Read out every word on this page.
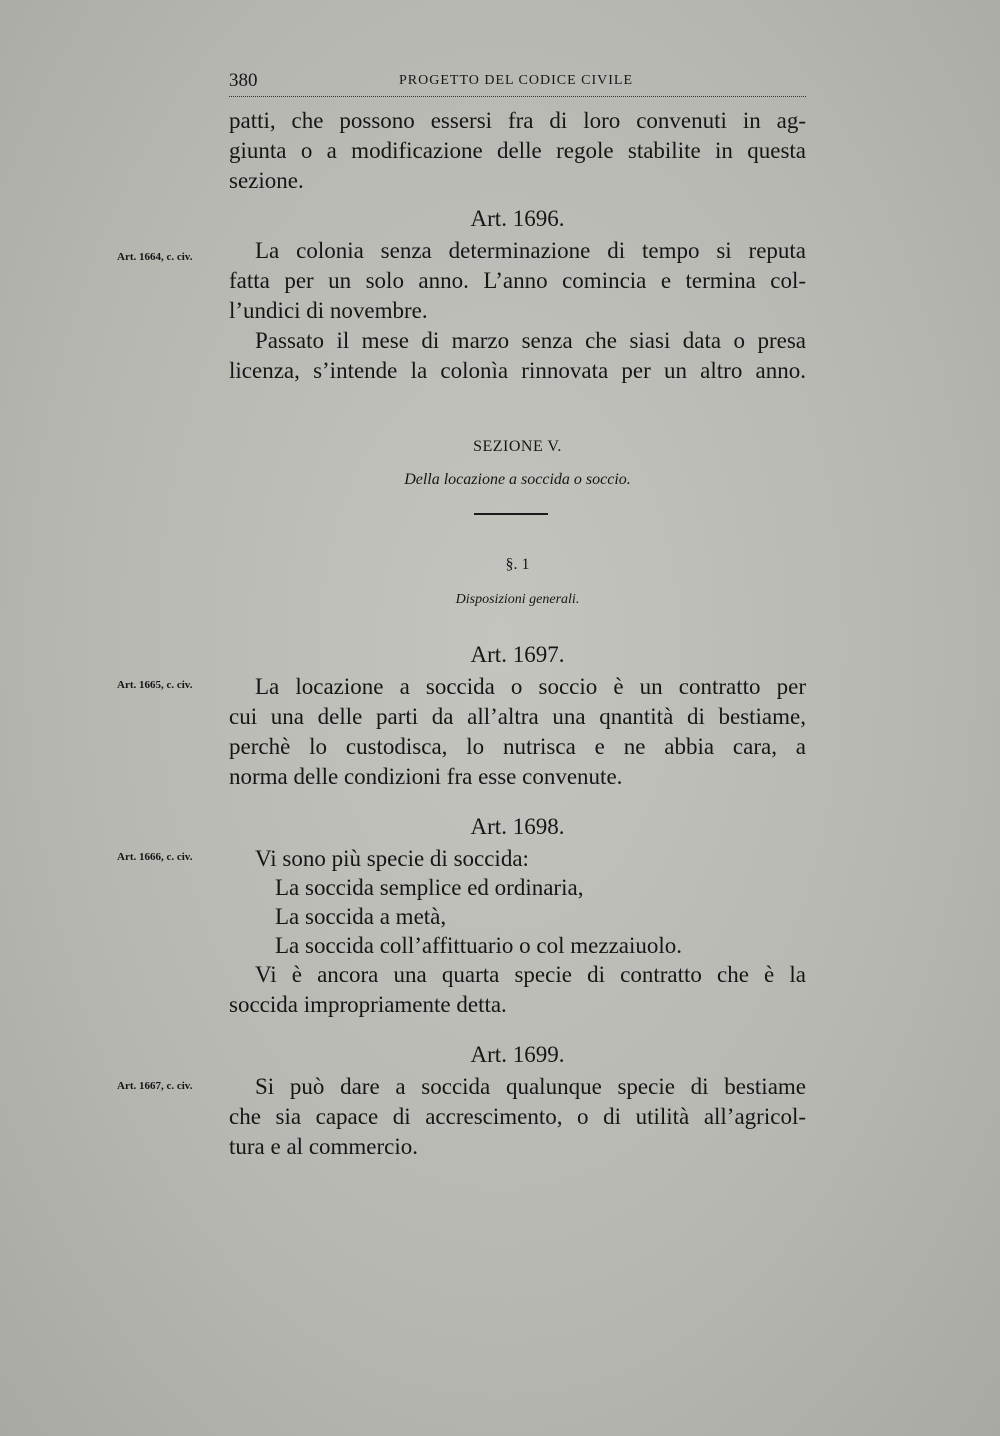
380	PROGETTO DEL CODICE CIVILE
patti, che possono essersi fra di loro convenuti in ag-
giunta o a modificazione delle regole stabilite in questa
sezione.
Art. 1696.
Art. 1664, c. civ.	La colonia senza determinazione di tempo si reputa
fatta per un solo anno. L’anno comincia e termina col-
l’undici di novembre.
Passato il mese di marzo senza che siasi data o presa
licenza, s’intende la colonìa rinnovata per un altro anno.
SEZIONE V.
Della locazione a soccida o soccio.
§. 1
Disposizioni generali.
Art. 1697.
Art. 1665, c. civ.	La locazione a soccida o soccio è un contratto per
cui una delle parti da all’altra una qnantità di bestiame,
perchè lo custodisca, lo nutrisca e ne abbia cara, a
norma delle condizioni fra esse convenute.
Art. 1698.
Art. 1666, c. civ.	Vi sono più specie di soccida:
La soccida semplice ed ordinaria,
La soccida a metà,
La soccida coll’affittuario o col mezzaiuolo.
Vi è ancora una quarta specie di contratto che è la
soccida impropriamente detta.
Art. 1699.
Art. 1667, c. civ.	Si può dare a soccida qualunque specie di bestiame
che sia capace di accrescimento, o di utilità all’agricol-
tura e al commercio.
